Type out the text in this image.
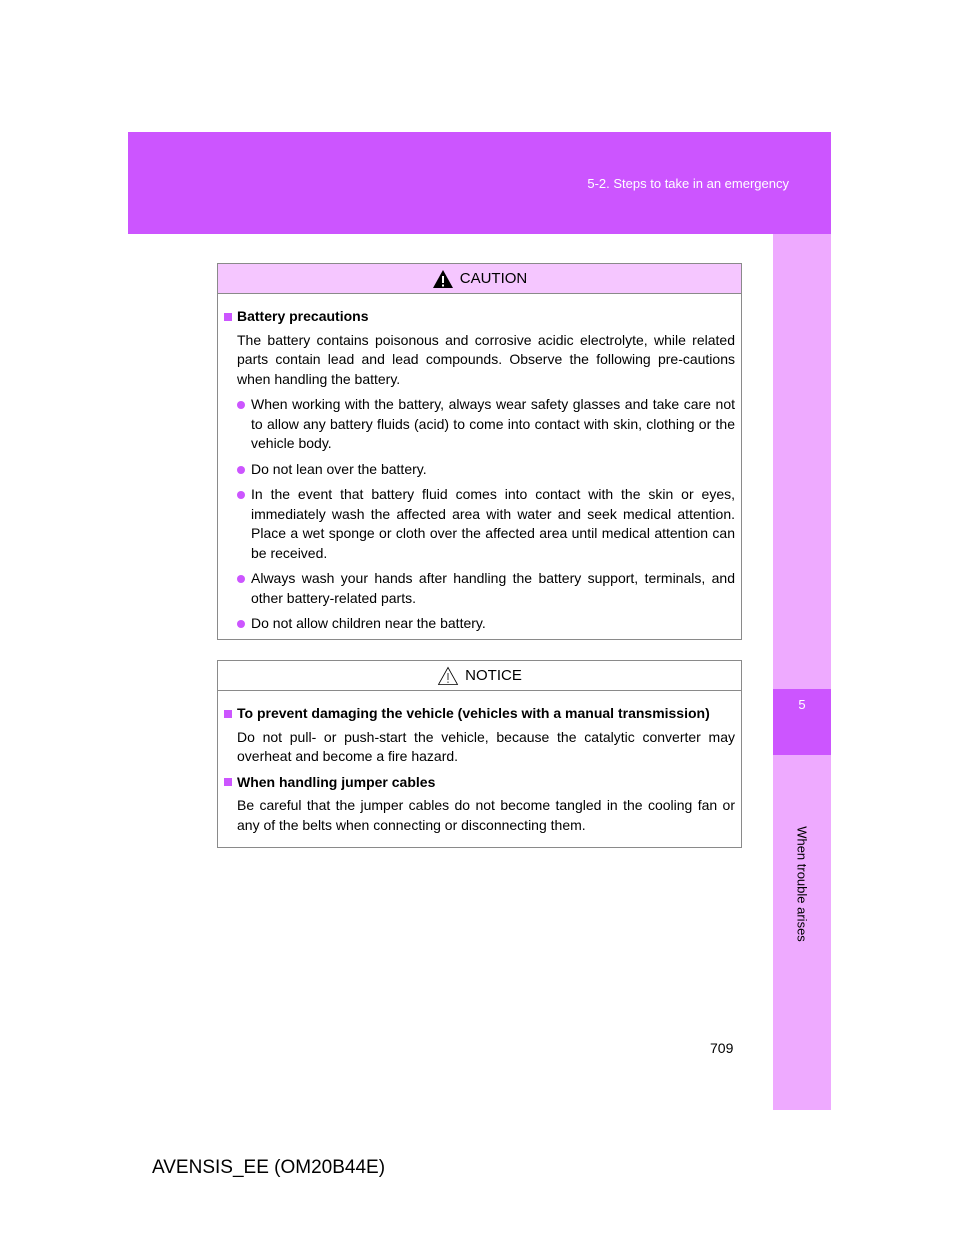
5-2. Steps to take in an emergency
5
When trouble arises
CAUTION
Battery precautions
The battery contains poisonous and corrosive acidic electrolyte, while related parts contain lead and lead compounds. Observe the following pre-cautions when handling the battery.
When working with the battery, always wear safety glasses and take care not to allow any battery fluids (acid) to come into contact with skin, clothing or the vehicle body.
Do not lean over the battery.
In the event that battery fluid comes into contact with the skin or eyes, immediately wash the affected area with water and seek medical attention. Place a wet sponge or cloth over the affected area until medical attention can be received.
Always wash your hands after handling the battery support, terminals, and other battery-related parts.
Do not allow children near the battery.
NOTICE
To prevent damaging the vehicle (vehicles with a manual transmission)
Do not pull- or push-start the vehicle, because the catalytic converter may overheat and become a fire hazard.
When handling jumper cables
Be careful that the jumper cables do not become tangled in the cooling fan or any of the belts when connecting or disconnecting them.
709
AVENSIS_EE (OM20B44E)
